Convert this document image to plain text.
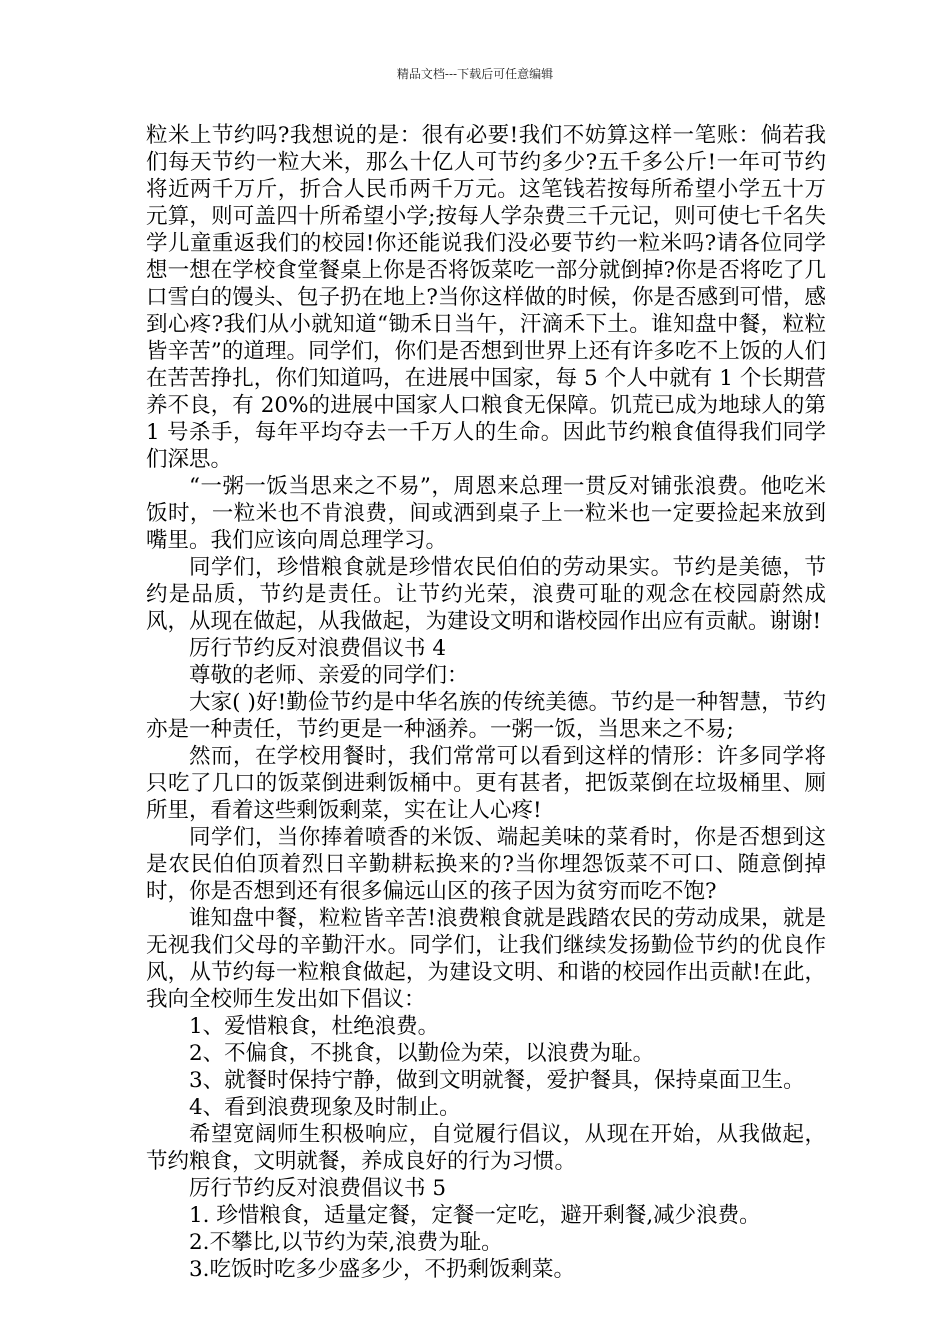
精品文档---下载后可任意编辑

粒米上节约吗?我想说的是：很有必要!我们不妨算这样一笔账：倘若我们每天节约一粒大米，那么十亿人可节约多少?五千多公斤!一年可节约将近两千万斤，折合人民币两千万元。这笔钱若按每所希望小学五十万元算，则可盖四十所希望小学;按每人学杂费三千元记，则可使七千名失学儿童重返我们的校园!你还能说我们没必要节约一粒米吗?请各位同学想一想在学校食堂餐桌上你是否将饭菜吃一部分就倒掉?你是否将吃了几口雪白的馒头、包子扔在地上?当你这样做的时候，你是否感到可惜，感到心疼?我们从小就知道“锄禾日当午，汗滴禾下土。谁知盘中餐，粒粒皆辛苦”的道理。同学们，你们是否想到世界上还有许多吃不上饭的人们在苦苦挣扎，你们知道吗，在进展中国家，每 5 个人中就有 1 个长期营养不良，有 20%的进展中国家人口粮食无保障。饥荒已成为地球人的第 1 号杀手，每年平均夺去一千万人的生命。因此节约粮食值得我们同学们深思。

“一粥一饭当思来之不易”，周恩来总理一贯反对铺张浪费。他吃米饭时，一粒米也不肯浪费，间或洒到桌子上一粒米也一定要捡起来放到嘴里。我们应该向周总理学习。

同学们，珍惜粮食就是珍惜农民伯伯的劳动果实。节约是美德，节约是品质，节约是责任。让节约光荣，浪费可耻的观念在校园蔚然成风，从现在做起，从我做起，为建设文明和谐校园作出应有贡献。谢谢!

厉行节约反对浪费倡议书 4

尊敬的老师、亲爱的同学们：

大家( )好!勤俭节约是中华名族的传统美德。节约是一种智慧，节约亦是一种责任，节约更是一种涵养。一粥一饭，当思来之不易;

然而，在学校用餐时，我们常常可以看到这样的情形：许多同学将只吃了几口的饭菜倒进剩饭桶中。更有甚者，把饭菜倒在垃圾桶里、厕所里，看着这些剩饭剩菜，实在让人心疼!

同学们，当你捧着喷香的米饭、端起美味的菜肴时，你是否想到这是农民伯伯顶着烈日辛勤耕耘换来的?当你埋怨饭菜不可口、随意倒掉时，你是否想到还有很多偏远山区的孩子因为贫穷而吃不饱?

谁知盘中餐，粒粒皆辛苦!浪费粮食就是践踏农民的劳动成果，就是无视我们父母的辛勤汗水。同学们，让我们继续发扬勤俭节约的优良作风，从节约每一粒粮食做起，为建设文明、和谐的校园作出贡献!在此，我向全校师生发出如下倡议：

1、爱惜粮食，杜绝浪费。

2、不偏食，不挑食，以勤俭为荣，以浪费为耻。

3、就餐时保持宁静，做到文明就餐，爱护餐具，保持桌面卫生。

4、看到浪费现象及时制止。

希望宽阔师生积极响应，自觉履行倡议，从现在开始，从我做起，节约粮食，文明就餐，养成良好的行为习惯。

厉行节约反对浪费倡议书 5

1. 珍惜粮食，适量定餐，定餐一定吃，避开剩餐,减少浪费。

2.不攀比,以节约为荣,浪费为耻。

3.吃饭时吃多少盛多少，不扔剩饭剩菜。
